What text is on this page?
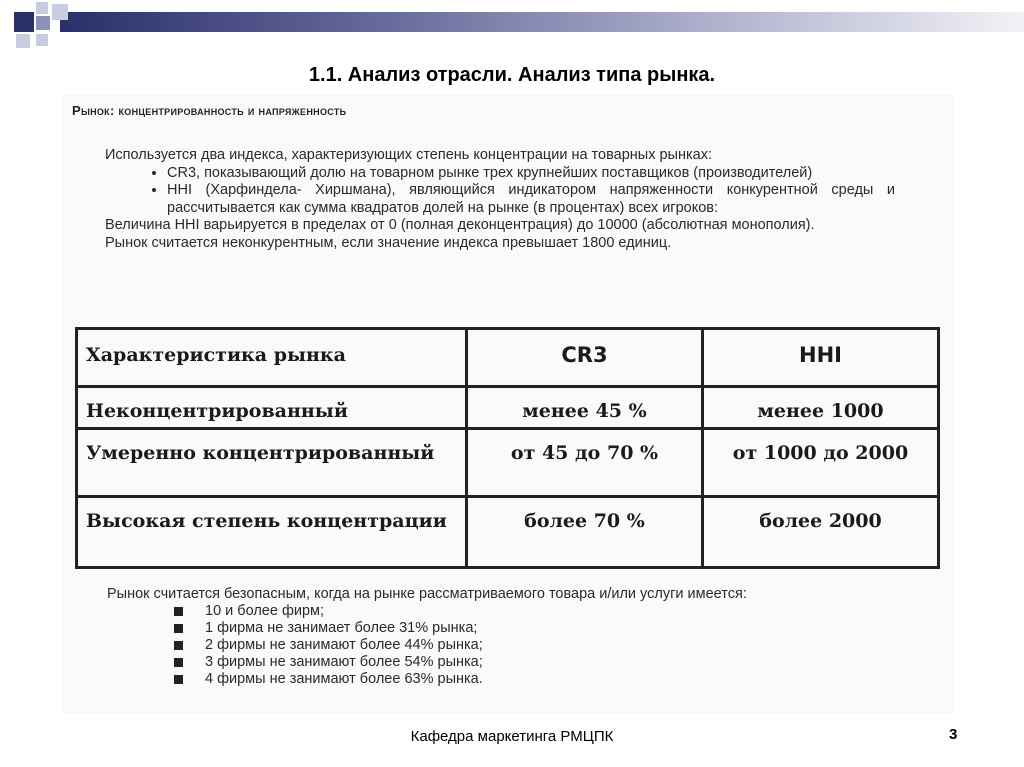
1.1. Анализ отрасли. Анализ типа рынка.
Рынок: концентрированность и напряженность

Используется два индекса, характеризующих степень концентрации на товарных рынках:

• CR3, показывающий долю на товарном рынке трех крупнейших поставщиков (производителей)
• HHI (Харфиндела- Хиршмана), являющийся индикатором напряженности конкурентной среды и рассчитывается как сумма квадратов долей на рынке (в процентах) всех игроков:

Величина HHI варьируется в пределах от 0 (полная деконцентрация) до 10000 (абсолютная монополия).

Рынок считается неконкурентным, если значение индекса превышает 1800 единиц.

Характеристика рынка	CR3	HHI
Неконцентрированный	менее 45 %	менее 1000
Умеренно концентрированный	от 45 до 70 %	от 1000 до 2000
Высокая степень концентрации	более 70 %	более 2000

Рынок считается безопасным, когда на рынке рассматриваемого товара и/или услуги имеется:

10 и более фирм;
1 фирма не занимает более 31% рынка;
2 фирмы не занимают более 44% рынка;
3 фирмы не занимают более 54% рынка;
4 фирмы не занимают более 63% рынка.
Кафедра маркетинга РМЦПК	3
